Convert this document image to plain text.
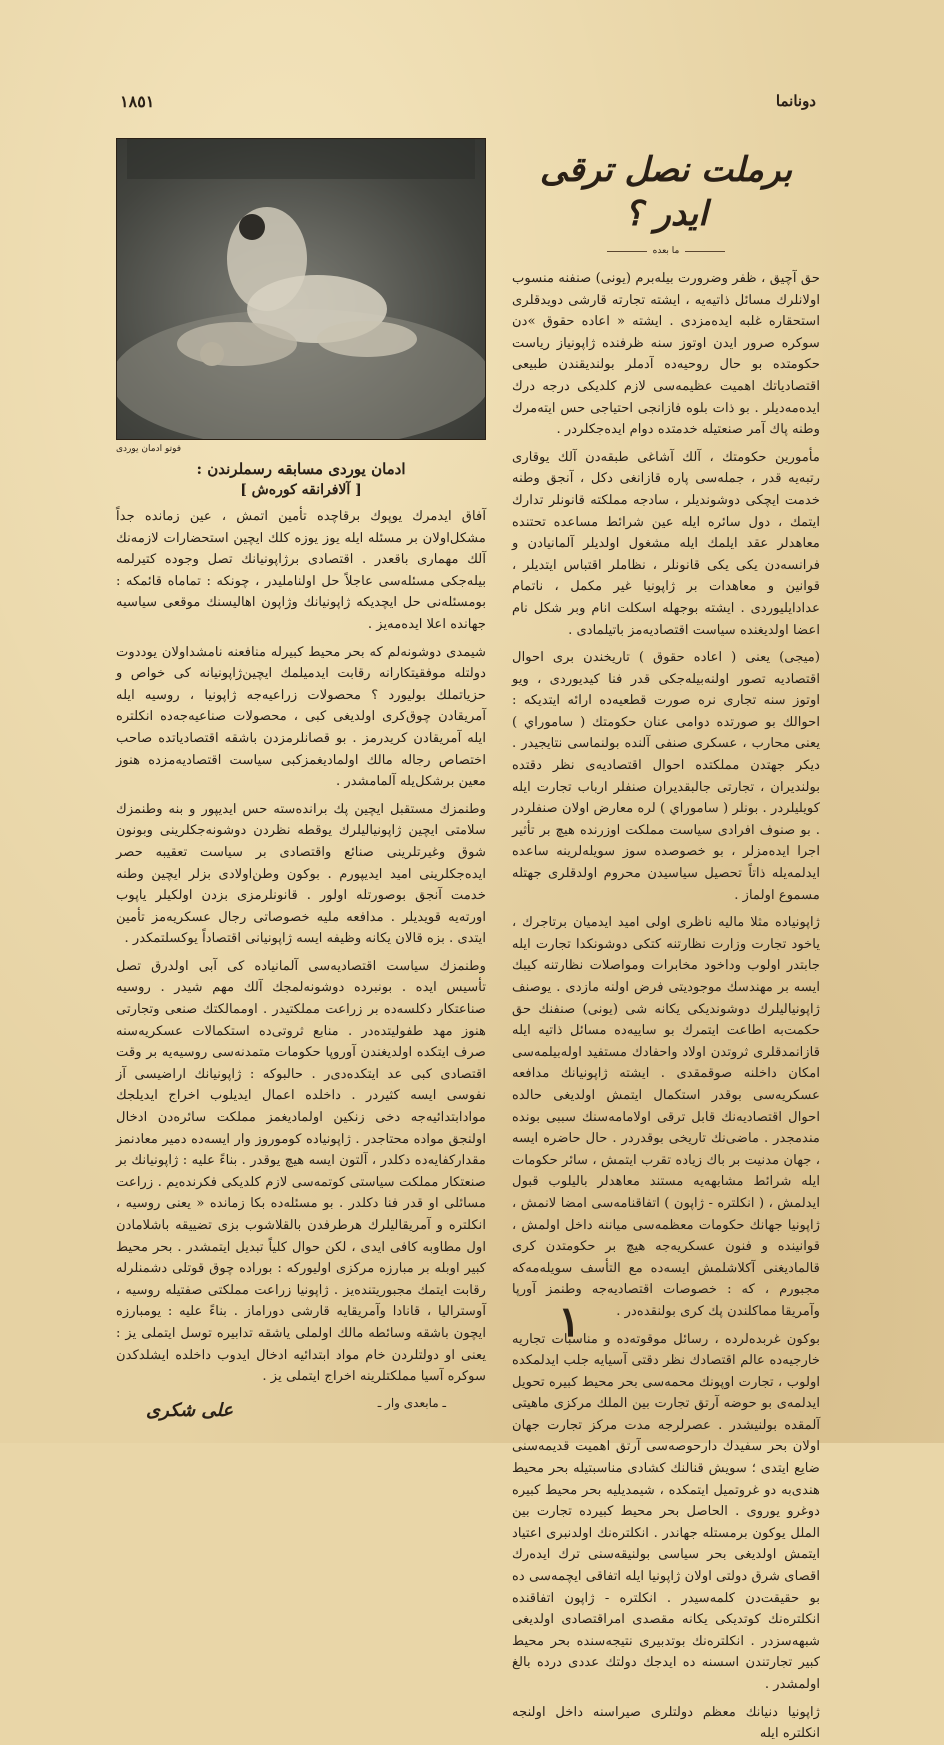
١٨٥١	دونانما
برملت نصل ترقی ایدر ؟
ما بعده

حق آچیق ، ظفر وضرورت بیله‌برم (یونی) صنفنه منسوب اولانلرك مسائل ذاتیه‌یه ، ایشته تجارته قارشی دویدقلری استحقاره غلبه ایده‌مزدی . ایشته « اعاده حقوق »دن سوکره صرور ایدن اوتوز سنه ظرفنده ژاپونیاز ریاست حکومتده بو حال روحیه‌ده آدملر بولندیقندن طبیعی اقتصادیاتك اهمیت عظیمه‌سی لازم کلدیکی درجه درك ایده‌مه‌دیلر . بو ذات بلوه فازانجی احتیاجی حس ایته‌مرك وطنه پاك آمر صنعتیله خدمتده دوام ایده‌جکلردر .

مأمورین حکومتك ، آلك آشاغی طبقه‌دن آلك یوقاری رتبه‌یه قدر ، جمله‌سی پاره قازانغی دکل ، آنجق وطنه خدمت ایچکی دوشوندیلر ، سادجه مملکته قانونلر تدارك ایتمك ، دول سائره ایله عین شرائط مساعده تحتنده معاهدلر عقد ایلمك ایله مشغول اولدیلر آلمانیادن و فرانسه‌دن یکی یکی قانونلر ، نظاملر اقتباس ایتدیلر ، قوانین و معاهدات بر ژاپونیا غیر مکمل ، ناتمام عدادایلیوردی . ایشته بوجهله اسکلت انام وبر شکل نام اعضا اولدیغنده سیاست اقتصادیه‌مز باتیلمادی .

(میجی) یعنی ( اعاده حقوق ) تاریخندن بری احوال اقتصادیه تصور اولنه‌بیله‌جکی قدر فنا کیدیوردی ، ویو اوتوز سنه تجاری نره صورت قطعیه‌ده ارائه ایتدیکه : احوالك بو صورتده دوامی عنان حکومتك ( ساموراي ) یعنی محارب ، عسکری صنفی آلنده بولنماسی نتایجیدر . دیکر جهتدن مملکتده احوال اقتصادیه‌ی نظر دقتده بولندیران ، تجارتی جالبقدیران صنفلر ارباب تجارت ایله کویلیلردر . بونلر ( ساموراي ) لره معارض اولان صنفلردر . بو صنوف افرادی سیاست مملکت اوزرنده هیچ بر تأثیر اجرا ایده‌مزلر ، بو خصوصده سوز سویله‌لرینه ساعده ایدلمه‌یله ذاتاً تحصیل سیاسیدن محروم اولدقلری جهتله مسموع اولماز .

ژاپونیاده مثلا مالیه ناظری اولی امید ایدمیان برتاجرك ، یاخود تجارت وزارت نظارتنه کتکی دوشونکدا تجارت ایله جابتدر اولوب وداخود مخابرات ومواصلات نظارتنه کیبك ایسه بر مهندسك موجودیتی فرض اولنه مازدی . یوصنف ژاپونیالیلرك دوشوندیکی یکانه شی (یونی) صنفنك حق حکمت‌به اطاعت ایتمرك بو ساییه‌ده مسائل ذاتیه ایله قازانمدقلری ثروتدن اولاد واحفادك مستفید اوله‌بیلمه‌سی امکان داخلنه صوقمقدی . ایشته ژاپونیانك مدافعه عسکریه‌سی بوقدر استکمال ایتمش اولدیغی حالده احوال اقتصادیه‌نك قابل ترقی اولامامه‌سنك سببی بونده مندمجدر . ماضی‌نك تاریخی بوقدردر . حال حاضره ایسه ، جهان مدنیت بر باك زیاده تقرب ایتمش ، سائر حکومات ایله شرائط مشابهه‌یه مستند معاهدلر بالیلوب قبول ایدلمش ، ( انکلتره - ژاپون ) اتفاقنامه‌سی امضا لانمش ، ژاپونیا جهانك حکومات معظمه‌سی میاننه داخل اولمش ، قوانینده و فنون عسکریه‌جه هیچ بر حکومتدن کری قالماديغنی آکلاشلمش ایسه‌ده مع التأسف سویله‌مه‌که مجبورم ، که : خصوصات اقتصادیه‌جه وطنمز آورپا وآمریقا مماکلندن پك کری بولنقده‌در .

بوکون غربده‌لرده ، رسائل موقوته‌ده و مناسبات تجاریه خارجیه‌ده عالم اقتصادك نظر دقتی آسیایه جلب ایدلمکده اولوب ، تجارت اوپونك محمه‌سی بحر محیط کبیره تحویل ایدلمه‌ی بو حوضه آرتق تجارت بین الملك مرکزی ماهیتی آلمقده بولنیشدر . عصرلرجه مدت مرکز تجارت جهان اولان بحر سفید‌ك دارحوصه‌سی آرتق اهمیت قدیمه‌سنی ضایع ایتدی ؛ سویش قنالنك کشادی مناسبتیله بحر محیط هندی‌به دو غروتمیل ایتمکده ، شیمدیلیه بحر محیط کبیره دوغرو یوروی . الحاصل بحر محیط کبیرده تجارت بین الملل یوکون برمستله جهاندر . انکلتره‌نك اولدنبری اعتیاد ایتمش اولدیغی بحر سیاسی بولنیقه‌سنی ترك ایده‌رك اقصای شرق دولتی اولان ژاپونیا ایله اتفاقی ایچمه‌سی ده بو حقیقت‌دن کلمه‌سیدر . انکلتره - ژاپون اتفاقنده انکلتره‌نك کوتدیکی یکانه مقصدی امراقتصادی اولدیغی شبهه‌سزدر . انکلتره‌نك بوتدبیری نتیجه‌سنده بحر محیط کبیر تجارتندن اسسنه ده ایدجك دولتك عددی درده بالغ اولمشدر .

ژاپونیا دنیانك معظم دولتلری صیراسنه داخل اولنجه انکلتره ایله

١
فوتو ادمان یوردی
ادمان یوردی مسابقه رسملرندن :
[ آلافرانقه کوره‌ش ]

آفاق ایدمرك یوپوك برقاچده تأمین اتمش ، عین زمانده جداً مشکل‌اولان بر مسئله ایله یوز یوزه کلك ایچین استحضارات لازمه‌نك آلك مهماری باقعدر . اقتصادی برژاپونیانك تصل وجوده کتیرلمه بیله‌جکی مسئله‌سی عاجلاً حل اولناملیدر ، چونکه : تماماه قائمکه : بومسئله‌نی حل ایچدیکه ژاپونیانك وژاپون اهالیسنك موقعی سیاسیه جهانده اعلا ایده‌مه‌یز .

شیمدی دوشونه‌لم که بحر محیط کبیرله منافعنه نامشداولان یوددوت دولتله موفقیتکارانه رقابت ایدمیلمك ایچین‌ژاپونیانه کی خواص و حزیاتملك بولیورد ؟ محصولات زراعیه‌جه ژاپونیا ، روسیه ایله آمریقادن چوق‌کری اولدیغی کبی ، محصولات صناعیه‌جه‌ده انکلتره ایله آمریقادن کریدرمز . بو قصانلرمزدن باشقه اقتصادیاتده صاحب اختصاص رجاله مالك اولمادیغمزکبی سیاست اقتصادیه‌مزده هنوز معین برشکل‌یله آلمامشدر .

وطنمزك مستقبل ایچین پك برانده‌سته حس ایدیپور و بنه وطنمزك سلامتی ایچین ژاپونیالیلرك یوقطه نظردن دوشونه‌جکلرینی وبونون شوق وغیرتلرینی صنائع واقتصادی بر سیاست تعقیبه حصر ایده‌جکلرینی امید ایدیپورم . بوکون وطن‌اولادی بزلر ایچین وطنه خدمت آنجق بوصورتله اولور . قانونلرمزی بزدن اولکیلر یاپوب اورته‌یه قویدیلر . مدافعه ملیه خصوصاتی رجال عسکریه‌مز تأمین ایتدی . بزه قالان یکانه وظیفه ایسه ژاپونیانی اقتصاداً یوکسلتمکدر .

وطنمزك سیاست اقتصادیه‌سی آلمانیاده کی آبی اولدرق تصل تأسیس ایده . بونبرده دوشونه‌لمجك آلك مهم شیدر . روسیه صناعتکار دکلسه‌ده بر زراعت مملکتیدر . اوممالکتك صنعی وتجارتی هنوز مهد طفولیتده‌در . منابع ثروتی‌ده استکمالات عسکریه‌سنه صرف ایتکده اولدیغندن آوروپا حکومات متمدنه‌سی روسیه‌یه بر وقت اقتصادی کبی عد ایتکده‌دی‌ر . حالبوکه : ژاپونیانك اراضیسی آز نفوسی ایسه کثیردر . داخلده اعمال ایدیلوب اخراج ایدیلجك موادابتدائیه‌جه دخی زنکین اولمادیغمز مملکت سائره‌دن ادخال اولنجق مواده محتاجدر . ژاپونیاده کوموروز وار ایسه‌ده دمیر معادنمز مقدارکفایه‌ده دکلدر ، آلتون ایسه هیچ یوقدر . بناءً علیه : ژاپونیانك بر صنعتکار مملکت سیاستی کوتمه‌سی لازم کلدیکی فکرنده‌یم . زراعت مسائلی او قدر فنا دکلدر . بو مسئله‌ده بکا زمانده « یعنی روسیه ، انکلتره و آمریقالیلرك هرطرفدن بالقلاشوب بزی تضییقه باشلامادن اول مطاوبه کافی ایدی ، لکن حوال کلیاً تبدیل ایتمشدر . بحر محیط کبیر اوبله بر مبارزه مرکزی اولیورکه : بوراده چوق قوتلی دشمنلرله رقابت ایتمك مجبوریتنده‌یز . ژاپونیا زراعت مملکتی صفتیله روسیه ، آوسترالیا ، قانادا وآمریقایه قارشی دوراماز . بناءً علیه : یومبارزه ایچون باشقه وسائطه مالك اولملی یاشقه تدابیره توسل ایتملی یز : یعنی او دولتلردن خام مواد ابتدائیه ادخال ایدوب داخلده ایشلدکدن سوکره آسیا مملکتلرینه اخراج ایتملی یز .

ـ مابعدی وار ـ
علی شکری
